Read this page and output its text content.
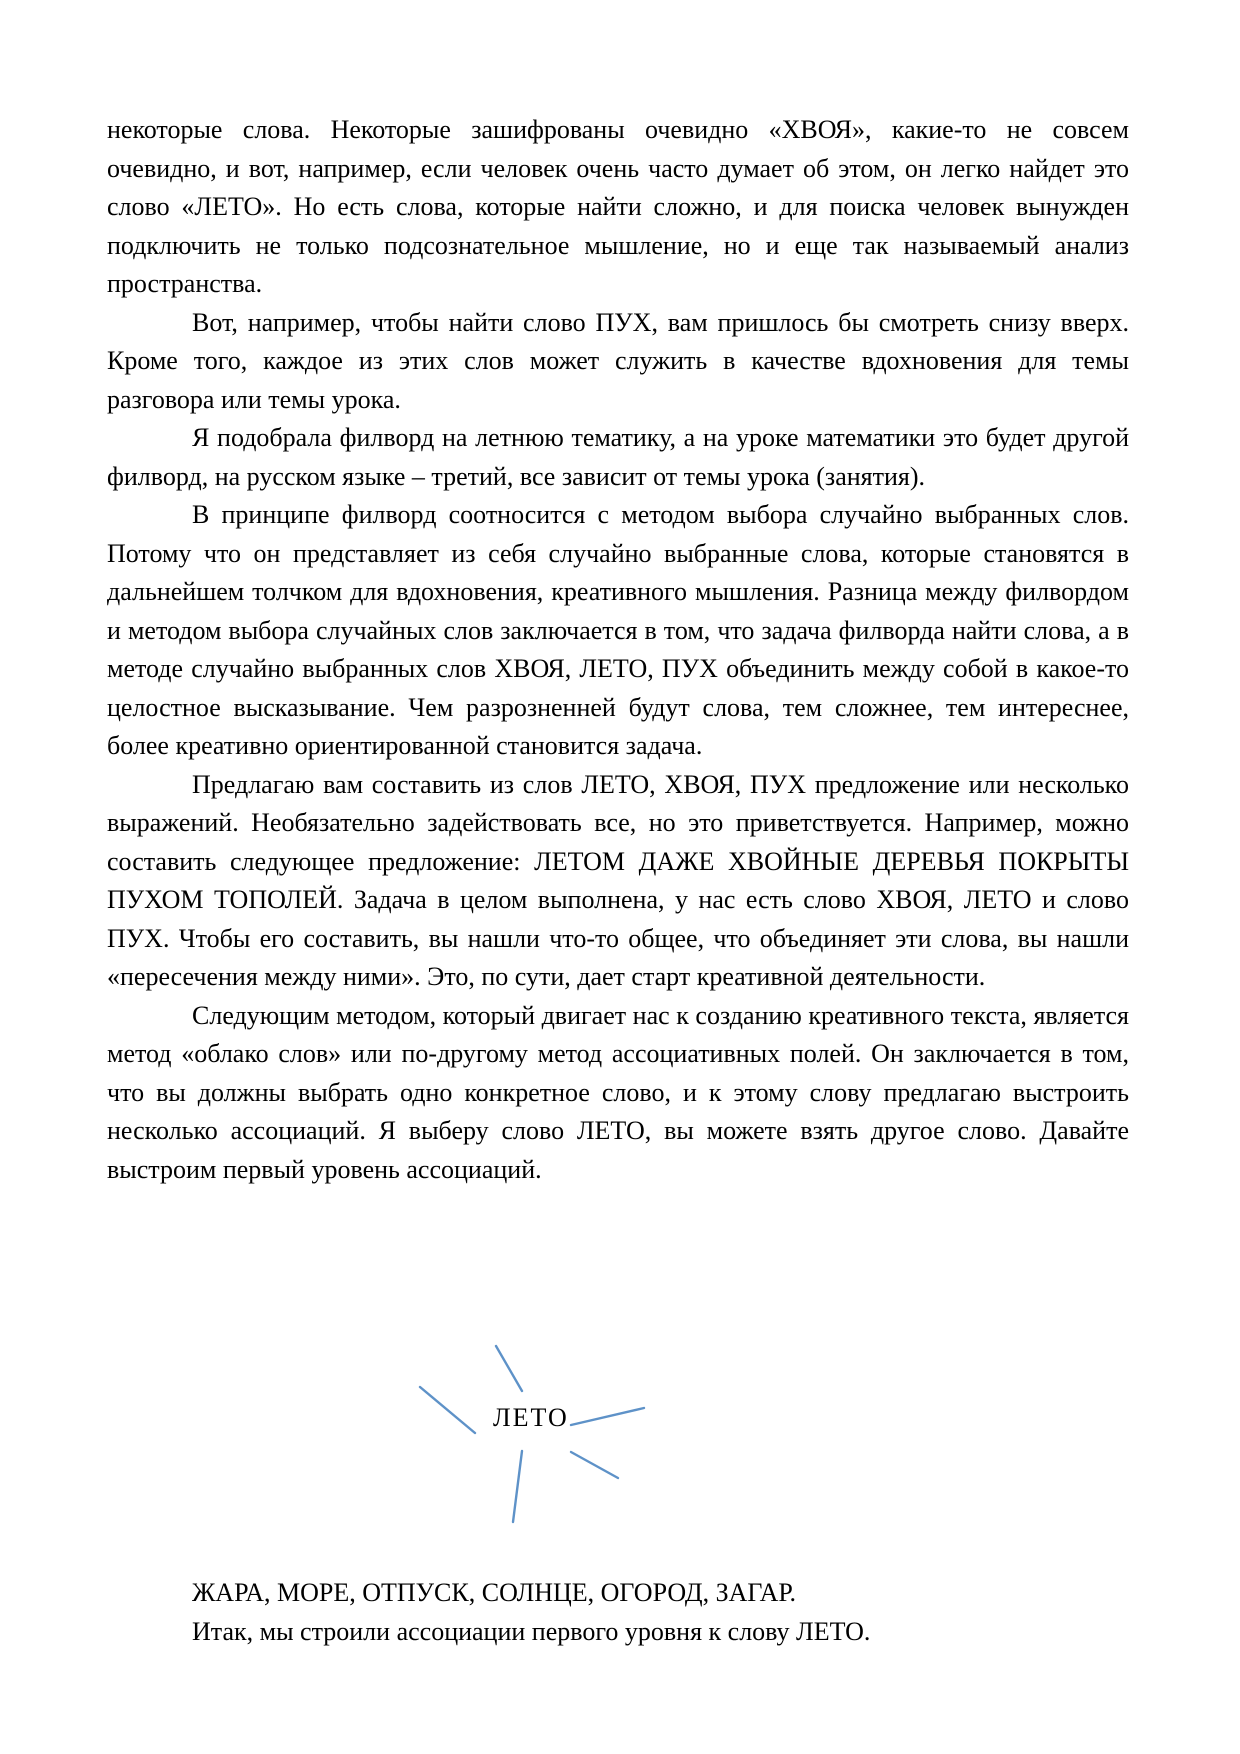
некоторые слова. Некоторые зашифрованы очевидно «ХВОЯ», какие-то не совсем очевидно, и вот, например, если человек очень часто думает об этом, он легко найдет это слово «ЛЕТО». Но есть слова, которые найти сложно, и для поиска человек вынужден подключить не только подсознательное мышление, но и еще так называемый анализ пространства.

Вот, например, чтобы найти слово ПУХ, вам пришлось бы смотреть снизу вверх. Кроме того, каждое из этих слов может служить в качестве вдохновения для темы разговора или темы урока.

Я подобрала филворд на летнюю тематику, а на уроке математики это будет другой филворд, на русском языке – третий, все зависит от темы урока (занятия).

В принципе филворд соотносится с методом выбора случайно выбранных слов. Потому что он представляет из себя случайно выбранные слова, которые становятся в дальнейшем толчком для вдохновения, креативного мышления. Разница между филвордом и методом выбора случайных слов заключается в том, что задача филворда найти слова, а в методе случайно выбранных слов ХВОЯ, ЛЕТО, ПУХ объединить между собой в какое-то целостное высказывание. Чем разрозненней будут слова, тем сложнее, тем интереснее, более креативно ориентированной становится задача.

Предлагаю вам составить из слов ЛЕТО, ХВОЯ, ПУХ предложение или несколько выражений. Необязательно задействовать все, но это приветствуется. Например, можно составить следующее предложение: ЛЕТОМ ДАЖЕ ХВОЙНЫЕ ДЕРЕВЬЯ ПОКРЫТЫ ПУХОМ ТОПОЛЕЙ. Задача в целом выполнена, у нас есть слово ХВОЯ, ЛЕТО и слово ПУХ. Чтобы его составить, вы нашли что-то общее, что объединяет эти слова, вы нашли «пересечения между ними». Это, по сути, дает старт креативной деятельности.

Следующим методом, который двигает нас к созданию креативного текста, является метод «облако слов» или по-другому метод ассоциативных полей. Он заключается в том, что вы должны выбрать одно конкретное слово, и к этому слову предлагаю выстроить несколько ассоциаций. Я выберу слово ЛЕТО, вы можете взять другое слово. Давайте выстроим первый уровень ассоциаций.

ЛЕТО

ЖАРА, МОРЕ, ОТПУСК, СОЛНЦЕ, ОГОРОД, ЗАГАР.

Итак, мы строили ассоциации первого уровня к слову ЛЕТО.
